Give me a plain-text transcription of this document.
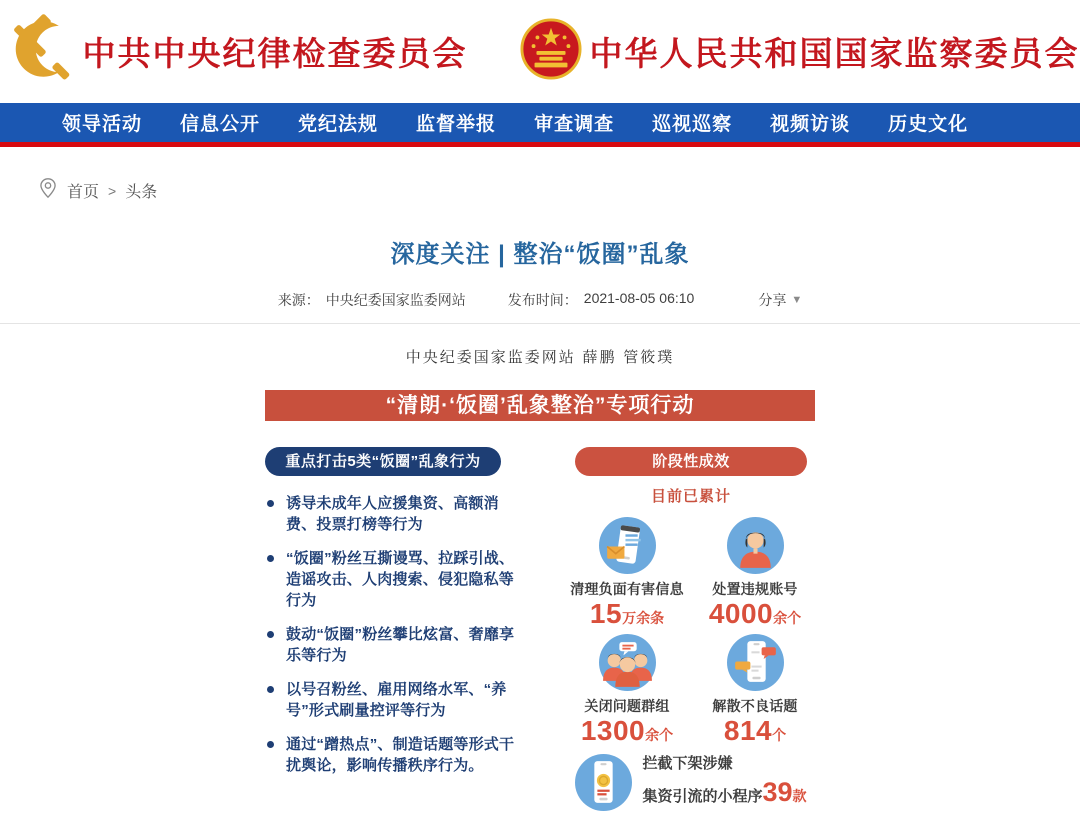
中共中央纪律检查委员会	中华人民共和国国家监察委员会
领导活动 信息公开 党纪法规 监督举报 审查调查 巡视巡察 视频访谈 历史文化
首页 > 头条
深度关注 | 整治“饭圈”乱象
来源： 中央纪委国家监委网站	发布时间： 2021-08-05 06:10	分享 ▼
中央纪委国家监委网站 薛鹏 管筱璞
“清朗·‘饭圈’乱象整治”专项行动
重点打击5类“饭圈”乱象行为
诱导未成年人应援集资、高额消费、投票打榜等行为
“饭圈”粉丝互撕谩骂、拉踩引战、造谣攻击、人肉搜索、侵犯隐私等行为
鼓动“饭圈”粉丝攀比炫富、奢靡享乐等行为
以号召粉丝、雇用网络水军、“养号”形式刷量控评等行为
通过“蹭热点”、制造话题等形式干扰舆论，影响传播秩序行为。
阶段性成效
目前已累计
清理负面有害信息
15万余条
处置违规账号
4000余个
关闭问题群组
1300余个
解散不良话题
814个
拦截下架涉嫌
集资引流的小程序39款
